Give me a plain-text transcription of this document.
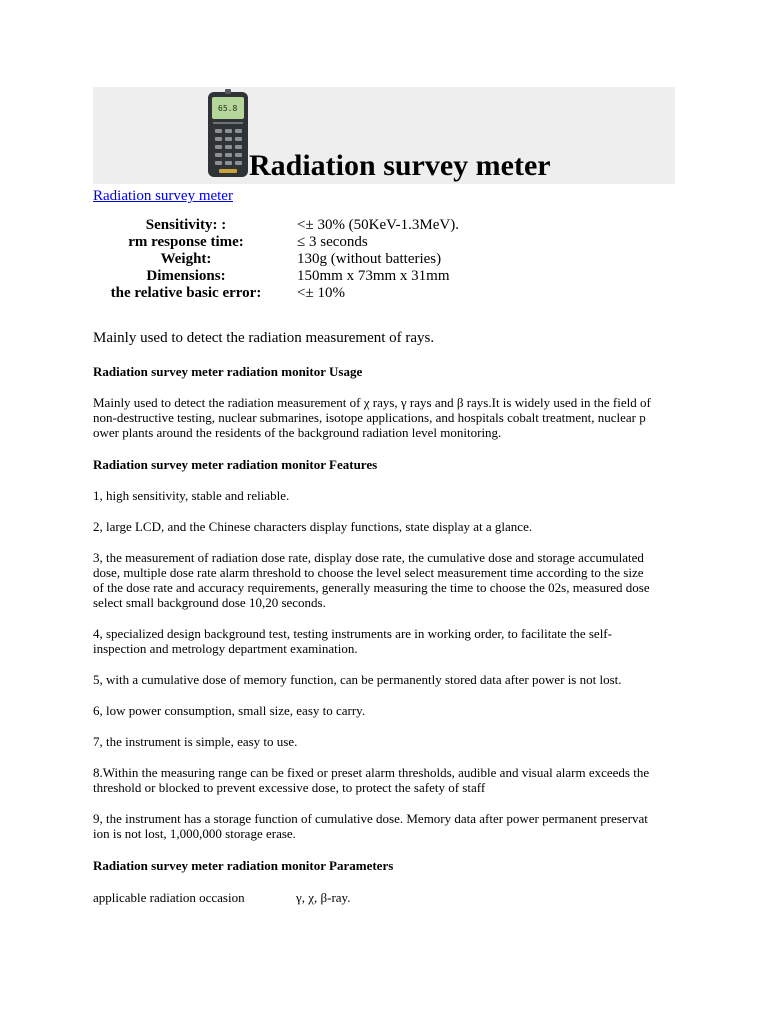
65.8
Radiation survey meter
Radiation survey meter
Sensitivity: :	<± 30% (50KeV-1.3MeV).
rm response time:	≤ 3 seconds
Weight:	130g (without batteries)
Dimensions:	150mm x 73mm x 31mm
the relative basic error:	<± 10%
Mainly used to detect the radiation measurement of rays.
Radiation survey meter radiation monitor Usage
Mainly used to detect the radiation measurement of χ rays, γ rays and β rays.It is widely used in the field of
non-destructive testing, nuclear submarines, isotope applications, and hospitals cobalt treatment, nuclear p
ower plants around the residents of the background radiation level monitoring.
Radiation survey meter radiation monitor Features
1, high sensitivity, stable and reliable.
2, large LCD, and the Chinese characters display functions, state display at a glance.
3, the measurement of radiation dose rate, display dose rate, the cumulative dose and storage accumulated
dose, multiple dose rate alarm threshold to choose the level select measurement time according to the size
of the dose rate and accuracy requirements, generally measuring the time to choose the 02s, measured dose
select small background dose 10,20 seconds.
4, specialized design background test, testing instruments are in working order, to facilitate the self-
inspection and metrology department examination.
5, with a cumulative dose of memory function, can be permanently stored data after power is not lost.
6, low power consumption, small size, easy to carry.
7, the instrument is simple, easy to use.
8.Within the measuring range can be fixed or preset alarm thresholds, audible and visual alarm exceeds the
threshold or blocked to prevent excessive dose, to protect the safety of staff
9, the instrument has a storage function of cumulative dose. Memory data after power permanent preservat
ion is not lost, 1,000,000 storage erase.
Radiation survey meter radiation monitor Parameters
applicable radiation occasion	γ, χ, β-ray.
